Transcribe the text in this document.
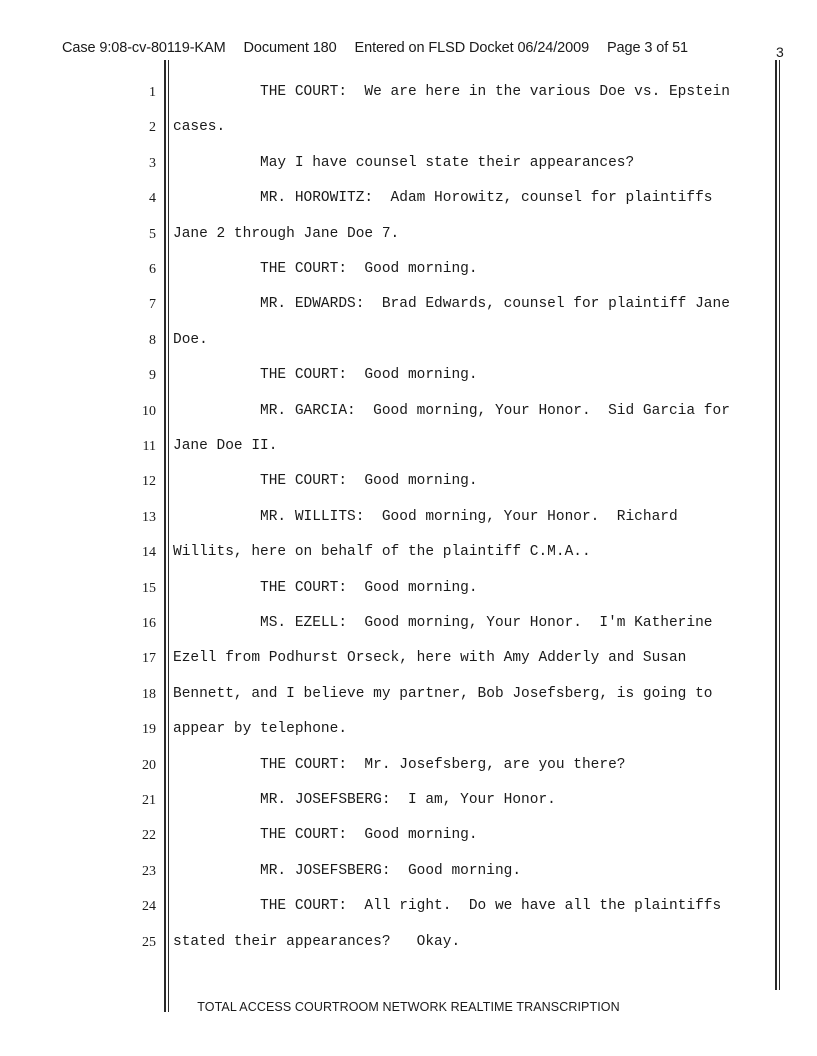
Case 9:08-cv-80119-KAM Document 180 Entered on FLSD Docket 06/24/2009 Page 3 of 51	3
1 THE COURT:  We are here in the various Doe vs. Epstein
2 cases.
3 May I have counsel state their appearances?
4 MR. HOROWITZ:  Adam Horowitz, counsel for plaintiffs
5 Jane 2 through Jane Doe 7.
6 THE COURT:  Good morning.
7 MR. EDWARDS:  Brad Edwards, counsel for plaintiff Jane
8 Doe.
9 THE COURT:  Good morning.
10 MR. GARCIA:  Good morning, Your Honor.  Sid Garcia for
11 Jane Doe II.
12 THE COURT:  Good morning.
13 MR. WILLITS:  Good morning, Your Honor.  Richard
14 Willits, here on behalf of the plaintiff C.M.A..
15 THE COURT:  Good morning.
16 MS. EZELL:  Good morning, Your Honor.  I'm Katherine
17 Ezell from Podhurst Orseck, here with Amy Adderly and Susan
18 Bennett, and I believe my partner, Bob Josefsberg, is going to
19 appear by telephone.
20 THE COURT:  Mr. Josefsberg, are you there?
21 MR. JOSEFSBERG:  I am, Your Honor.
22 THE COURT:  Good morning.
23 MR. JOSEFSBERG:  Good morning.
24 THE COURT:  All right.  Do we have all the plaintiffs
25 stated their appearances?   Okay.
TOTAL ACCESS COURTROOM NETWORK REALTIME TRANSCRIPTION
